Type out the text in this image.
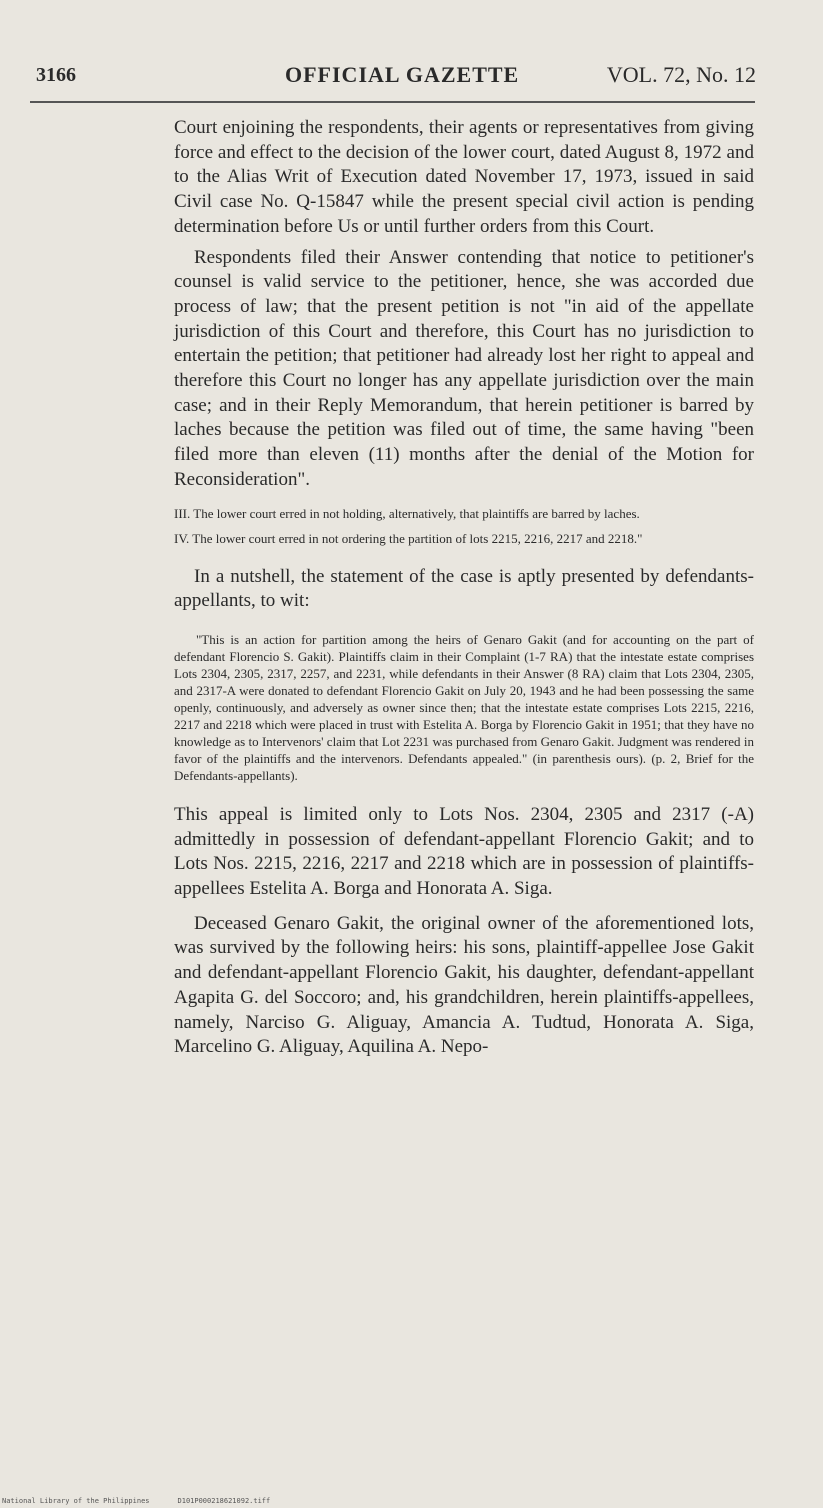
3166	OFFICIAL GAZETTE	VOL. 72, No. 12

Court enjoining the respondents, their agents or representatives from giving force and effect to the decision of the lower court, dated August 8, 1972 and to the Alias Writ of Execution dated November 17, 1973, issued in said Civil case No. Q-15847 while the present special civil action is pending determination before Us or until further orders from this Court.

Respondents filed their Answer contending that notice to petitioner's counsel is valid service to the petitioner, hence, she was accorded due process of law; that the present petition is not "in aid of the appellate jurisdiction of this Court and therefore, this Court has no jurisdiction to entertain the petition; that petitioner had already lost her right to appeal and therefore this Court no longer has any appellate jurisdiction over the main case; and in their Reply Memorandum, that herein petitioner is barred by laches because the petition was filed out of time, the same having "been filed more than eleven (11) months after the denial of the Motion for Reconsideration".

III. The lower court erred in not holding, alternatively, that plaintiffs are barred by laches.

IV. The lower court erred in not ordering the partition of lots 2215, 2216, 2217 and 2218."

In a nutshell, the statement of the case is aptly presented by defendants-appellants, to wit:

"This is an action for partition among the heirs of Genaro Gakit (and for accounting on the part of defendant Florencio S. Gakit). Plaintiffs claim in their Complaint (1-7 RA) that the intestate estate comprises Lots 2304, 2305, 2317, 2257, and 2231, while defendants in their Answer (8 RA) claim that Lots 2304, 2305, and 2317-A were donated to defendant Florencio Gakit on July 20, 1943 and he had been possessing the same openly, continuously, and adversely as owner since then; that the intestate estate comprises Lots 2215, 2216, 2217 and 2218 which were placed in trust with Estelita A. Borga by Florencio Gakit in 1951; that they have no knowledge as to Intervenors' claim that Lot 2231 was purchased from Genaro Gakit. Judgment was rendered in favor of the plaintiffs and the intervenors. Defendants appealed." (in parenthesis ours). (p. 2, Brief for the Defendants-appellants).

This appeal is limited only to Lots Nos. 2304, 2305 and 2317 (-A) admittedly in possession of defendant-appellant Florencio Gakit; and to Lots Nos. 2215, 2216, 2217 and 2218 which are in possession of plaintiffs-appellees Estelita A. Borga and Honorata A. Siga.

Deceased Genaro Gakit, the original owner of the aforementioned lots, was survived by the following heirs: his sons, plaintiff-appellee Jose Gakit and defendant-appellant Florencio Gakit, his daughter, defendant-appellant Agapita G. del Soccoro; and, his grandchildren, herein plaintiffs-appellees, namely, Narciso G. Aliguay, Amancia A. Tudtud, Honorata A. Siga, Marcelino G. Aliguay, Aquilina A. Nepo-

National Library of the Philippines	D101P000218621092.tiff
